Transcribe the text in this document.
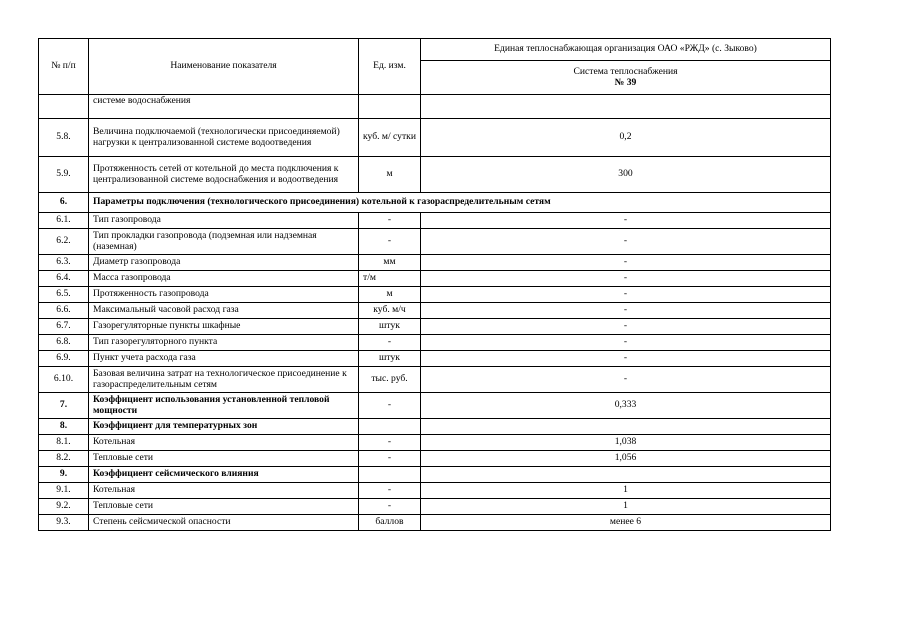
№ п/п	Наименование показателя	Ед. изм.	Единая теплоснабжающая организация ОАО «РЖД» (с. Зыково)

			Система теплоснабжения
№ 39

	системе водоснабжения		
5.8.	Величина подключаемой (технологически присоединяемой) нагрузки к централизованной системе водоотведения	куб. м/ сутки	0,2
5.9.	Протяженность сетей от котельной до места подключения к централизованной системе водоснабжения и водоотведения	м	300
6.	Параметры подключения (технологического присоединения) котельной к газораспределительным сетям		
6.1.	Тип газопровода	-	-
6.2.	Тип прокладки газопровода (подземная или надземная (наземная)	-	-
6.3.	Диаметр газопровода	мм	-
6.4.	Масса газопровода	т/м	-
6.5.	Протяженность газопровода	м	-
6.6.	Максимальный часовой расход газа	куб. м/ч	-
6.7.	Газорегуляторные пункты шкафные	штук	-
6.8.	Тип газорегуляторного пункта	-	-
6.9.	Пункт учета расхода газа	штук	-
6.10.	Базовая величина затрат на технологическое присоединение к газораспределительным сетям	тыс. руб.	-
7.	Коэффициент использования установленной тепловой мощности	-	0,333
8.	Коэффициент для температурных зон		
8.1.	Котельная	-	1,038
8.2.	Тепловые сети	-	1,056
9.	Коэффициент сейсмического влияния		
9.1.	Котельная	-	1
9.2.	Тепловые сети	-	1
9.3.	Степень сейсмической опасности	баллов	менее 6
